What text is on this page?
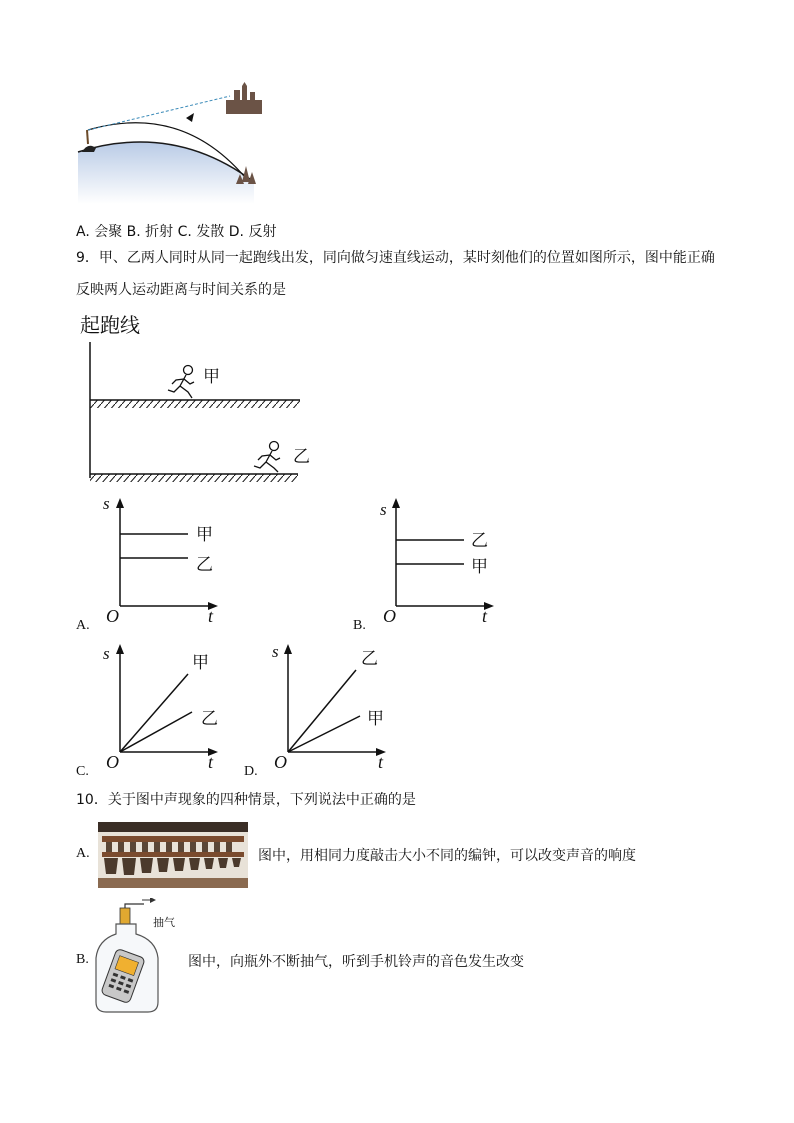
A. 会聚 B. 折射 C. 发散 D. 反射
9．甲、乙两人同时从同一起跑线出发，同向做匀速直线运动，某时刻他们的位置如图所示，图中能正确
反映两人运动距离与时间关系的是
起跑线
甲
乙
A.
s
甲
乙
O	t	B.
s
乙
甲
O	t
C.
s	甲
乙
O	t D.
s	乙
甲
O	t
10．关于图中声现象的四种情景，下列说法中正确的是
A.	图中，用相同力度敲击大小不同的编钟，可以改变声音的响度
B.
抽气
图中，向瓶外不断抽气，听到手机铃声的音色发生改变
